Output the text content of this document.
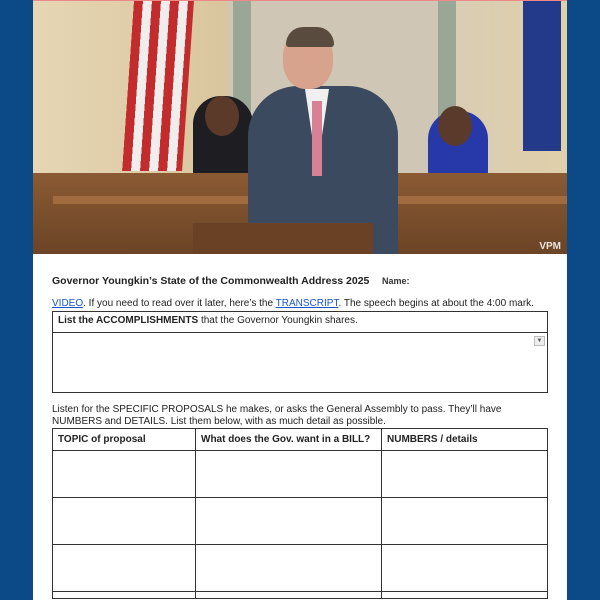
VPM
Governor Youngkin’s State of the Commonwealth Address 2025 Name:
VIDEO. If you need to read over it later, here’s the TRANSCRIPT. The speech begins at about the 4:00 mark.
List the ACCOMPLISHMENTS that the Governor Youngkin shares.
▼
Listen for the SPECIFIC PROPOSALS he makes, or asks the General Assembly to pass. They’ll have NUMBERS and DETAILS. List them below, with as much detail as possible.
TOPIC of proposal	What does the Gov. want in a BILL?	NUMBERS / details
